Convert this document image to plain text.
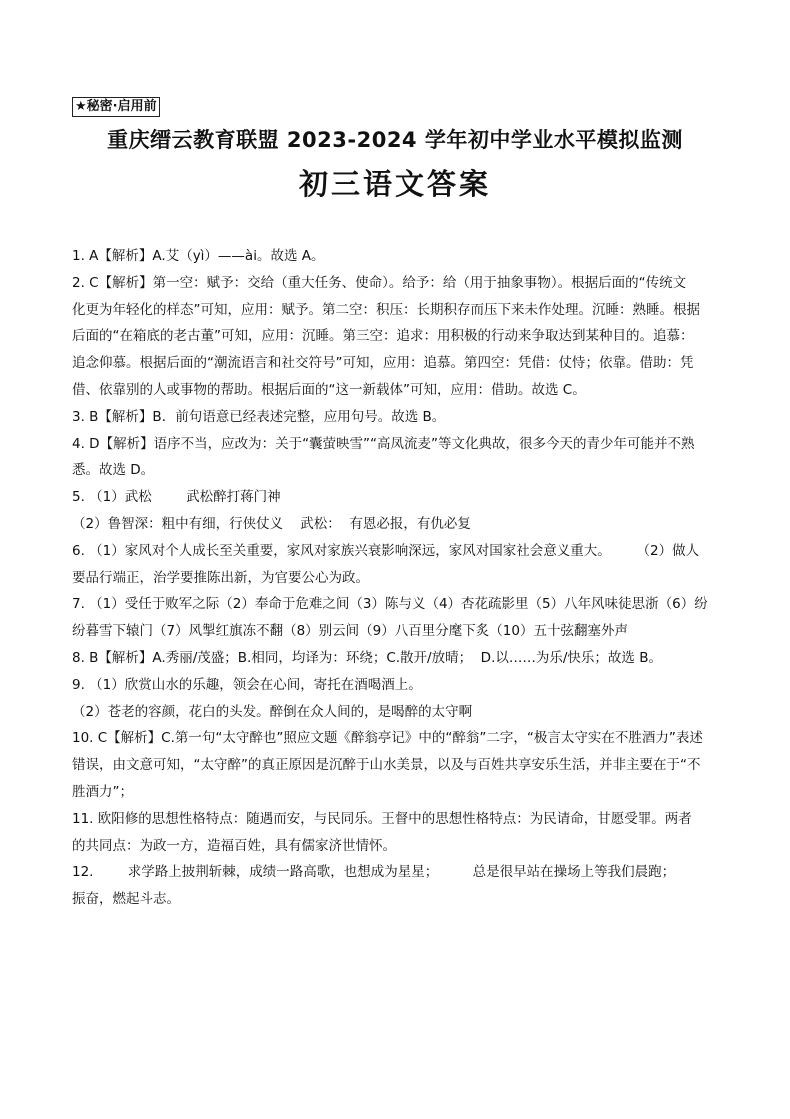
★秘密·启用前
重庆缙云教育联盟 2023-2024 学年初中学业水平模拟监测
初三语文答案

1. A【解析】A.艾（yì）——ài。故选 A。

2. C【解析】第一空：赋予：交给（重大任务、使命）。给予：给（用于抽象事物）。根据后面的“传统文

化更为年轻化的样态”可知，应用：赋予。第二空：积压：长期积存而压下来未作处理。沉睡：熟睡。根据

后面的“在箱底的老古董”可知，应用：沉睡。第三空：追求：用积极的行动来争取达到某种目的。追慕：

追念仰慕。根据后面的“潮流语言和社交符号”可知，应用：追慕。第四空：凭借：仗恃；依靠。借助：凭

借、依靠别的人或事物的帮助。根据后面的“这一新载体”可知，应用：借助。故选 C。

3. B【解析】B．前句语意已经表述完整，应用句号。故选 B。

4. D【解析】语序不当，应改为：关于“囊萤映雪”“高凤流麦”等文化典故，很多今天的青少年可能并不熟

悉。故选 D。

5. （1）武松        武松醉打蒋门神

（2）鲁智深：粗中有细，行侠仗义    武松：  有恩必报，有仇必复

6. （1）家风对个人成长至关重要，家风对家族兴衰影响深远，家风对国家社会意义重大。      （2）做人

要品行端正，治学要推陈出新，为官要公心为政。

7. （1）受任于败军之际（2）奉命于危难之间（3）陈与义（4）杏花疏影里（5）八年风味徒思浙（6）纷

纷暮雪下辕门（7）风掣红旗冻不翻（8）别云间（9）八百里分麾下炙（10）五十弦翻塞外声

8. B【解析】A.秀丽/茂盛；B.相同，均译为：环绕；C.散开/放晴；  D.以……为乐/快乐；故选 B。

9. （1）欣赏山水的乐趣，领会在心间，寄托在酒喝酒上。

（2）苍老的容颜，花白的头发。醉倒在众人间的，是喝醉的太守啊

10. C【解析】C.第一句“太守醉也”照应文题《醉翁亭记》中的“醉翁”二字，“极言太守实在不胜酒力”表述

错误，由文意可知，“太守醉”的真正原因是沉醉于山水美景，以及与百姓共享安乐生活，并非主要在于“不

胜酒力”；

11. 欧阳修的思想性格特点：随遇而安，与民同乐。王督中的思想性格特点：为民请命，甘愿受罪。两者

的共同点：为政一方，造福百姓，具有儒家济世情怀。

12.        求学路上披荆斩棘，成绩一路高歌，也想成为星星；        总是很早站在操场上等我们晨跑；

振奋，燃起斗志。
